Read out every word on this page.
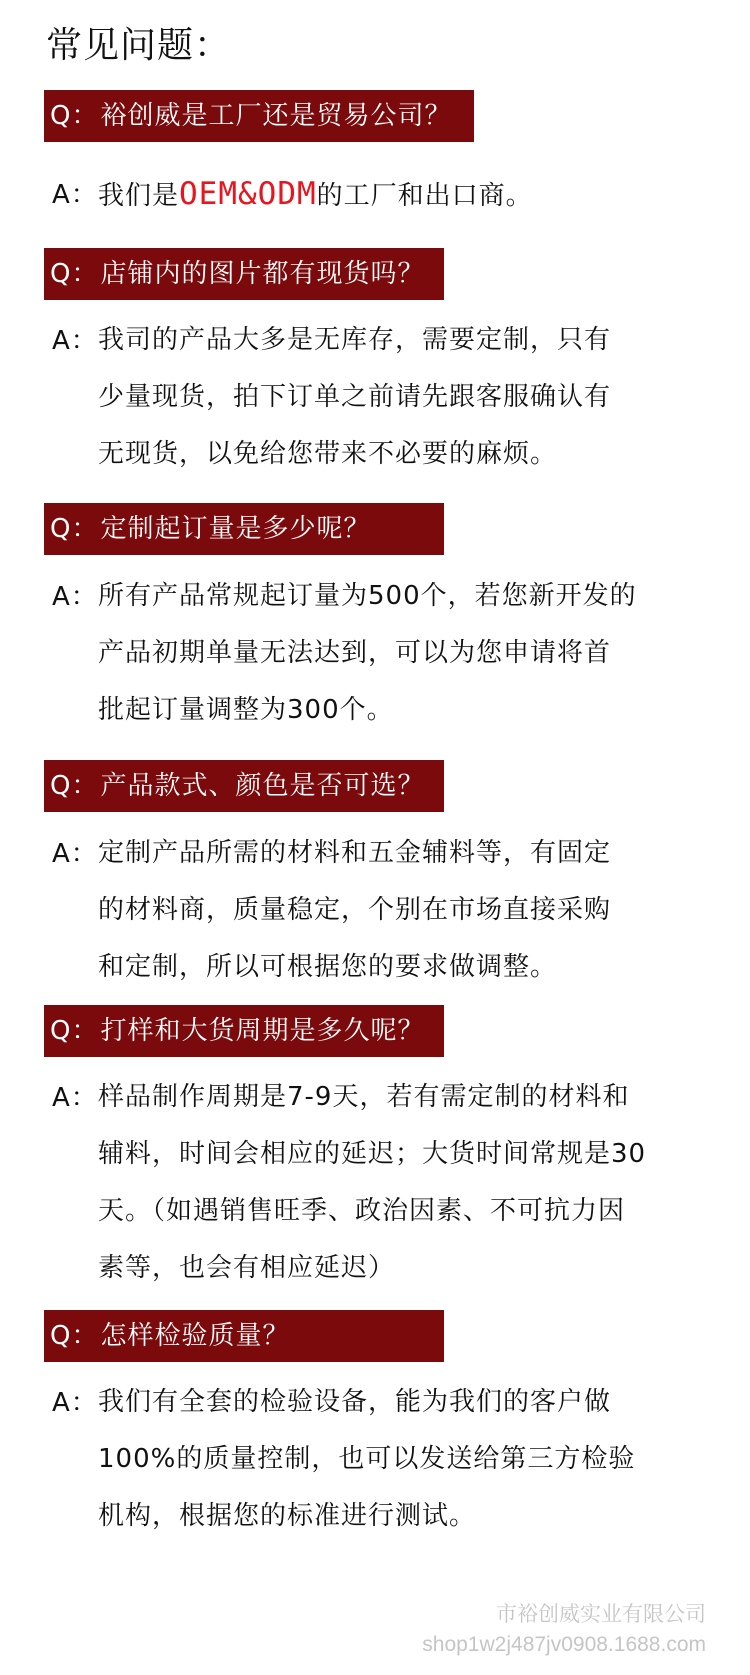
常见问题：
Q：裕创威是工厂还是贸易公司？
A： 我们是OEM&ODM的工厂和出口商。
Q：店铺内的图片都有现货吗？
A： 我司的产品大多是无库存，需要定制，只有
少量现货，拍下订单之前请先跟客服确认有
无现货，以免给您带来不必要的麻烦。
Q：定制起订量是多少呢？
A： 所有产品常规起订量为500个，若您新开发的
产品初期单量无法达到，可以为您申请将首
批起订量调整为300个。
Q：产品款式、颜色是否可选？
A： 定制产品所需的材料和五金辅料等，有固定
的材料商，质量稳定，个别在市场直接采购
和定制，所以可根据您的要求做调整。
Q：打样和大货周期是多久呢？
A： 样品制作周期是7-9天，若有需定制的材料和
辅料，时间会相应的延迟；大货时间常规是30
天。（如遇销售旺季、政治因素、不可抗力因
素等，也会有相应延迟）
Q：怎样检验质量？
A： 我们有全套的检验设备，能为我们的客户做
100%的质量控制，也可以发送给第三方检验
机构，根据您的标准进行测试。
市裕创威实业有限公司
shop1w2j487jv0908.1688.com
